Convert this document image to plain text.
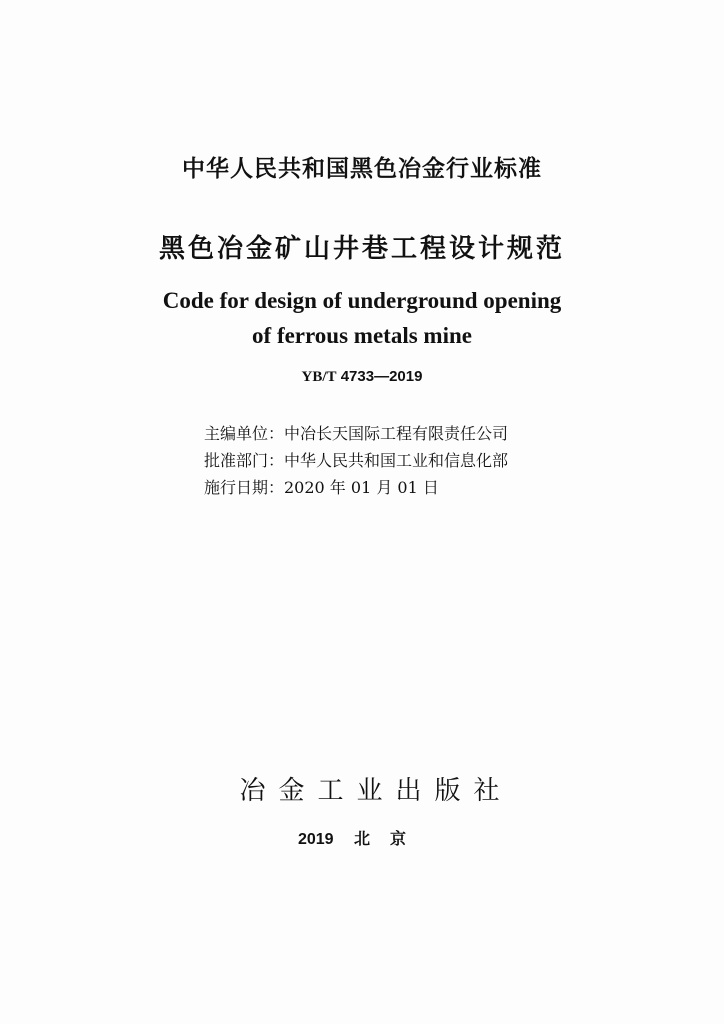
中华人民共和国黑色冶金行业标准
黑色冶金矿山井巷工程设计规范
Code for design of underground opening
of ferrous metals mine
YB/T 4733—2019
主编单位：中冶长天国际工程有限责任公司
批准部门：中华人民共和国工业和信息化部
施行日期：2020 年 01 月 01 日
冶金工业出版社
2019 北京
